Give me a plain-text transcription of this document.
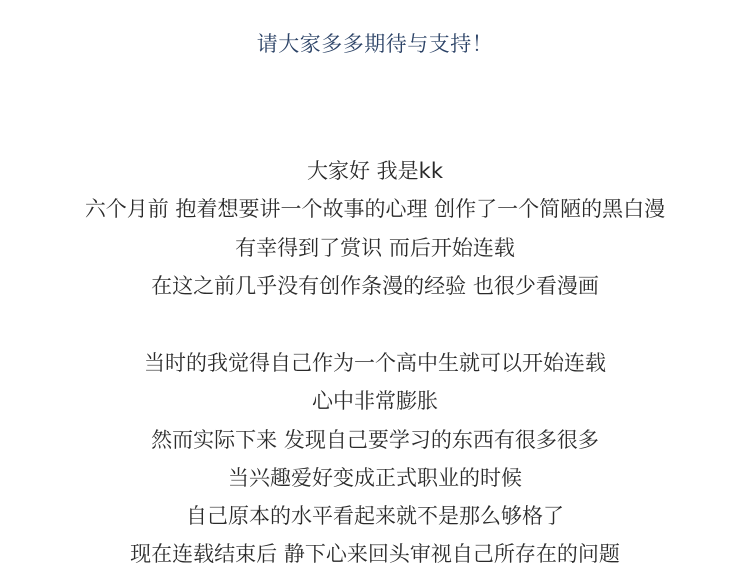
请大家多多期待与支持！
大家好 我是kk
六个月前 抱着想要讲一个故事的心理 创作了一个简陋的黑白漫
有幸得到了赏识 而后开始连载
在这之前几乎没有创作条漫的经验 也很少看漫画
当时的我觉得自己作为一个高中生就可以开始连载
心中非常膨胀
然而实际下来 发现自己要学习的东西有很多很多
当兴趣爱好变成正式职业的时候
自己原本的水平看起来就不是那么够格了
现在连载结束后 静下心来回头审视自己所存在的问题
